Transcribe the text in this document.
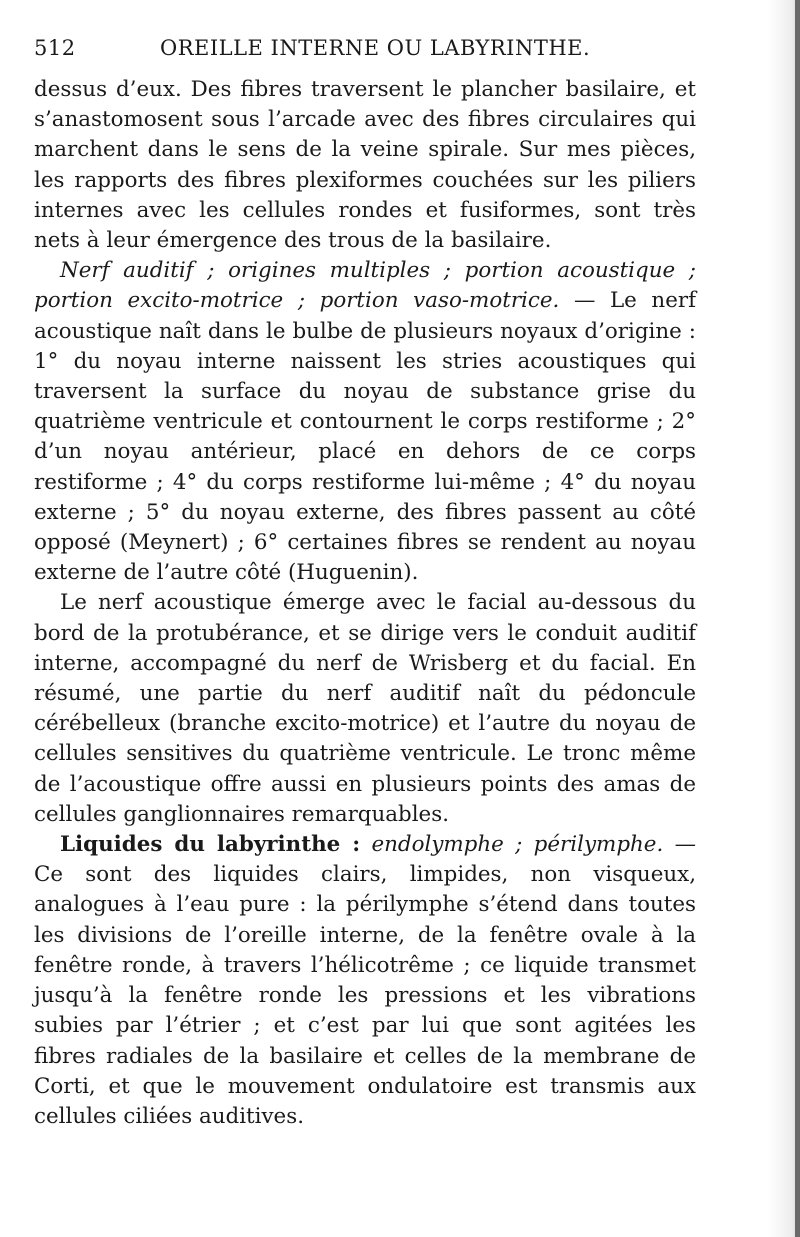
512	OREILLE INTERNE OU LABYRINTHE.

dessus d’eux. Des fibres traversent le plancher basilaire, et s’anastomosent sous l’arcade avec des fibres circulaires qui marchent dans le sens de la veine spirale. Sur mes pièces, les rapports des fibres plexiformes couchées sur les piliers internes avec les cellules rondes et fusiformes, sont très nets à leur émergence des trous de la basilaire.

Nerf auditif ; origines multiples ; portion acoustique ; portion excito-motrice ; portion vaso-motrice. — Le nerf acoustique naît dans le bulbe de plusieurs noyaux d’origine : 1° du noyau interne naissent les stries acoustiques qui traversent la surface du noyau de substance grise du quatrième ventricule et contournent le corps restiforme ; 2° d’un noyau antérieur, placé en dehors de ce corps restiforme ; 4° du corps restiforme lui-même ; 4° du noyau externe ; 5° du noyau externe, des fibres passent au côté opposé (Meynert) ; 6° certaines fibres se rendent au noyau externe de l’autre côté (Huguenin).

Le nerf acoustique émerge avec le facial au-dessous du bord de la protubérance, et se dirige vers le conduit auditif interne, accompagné du nerf de Wrisberg et du facial. En résumé, une partie du nerf auditif naît du pédoncule cérébelleux (branche excito-motrice) et l’autre du noyau de cellules sensitives du quatrième ventricule. Le tronc même de l’acoustique offre aussi en plusieurs points des amas de cellules ganglionnaires remarquables.

Liquides du labyrinthe : endolymphe ; périlymphe. — Ce sont des liquides clairs, limpides, non visqueux, analogues à l’eau pure : la périlymphe s’étend dans toutes les divisions de l’oreille interne, de la fenêtre ovale à la fenêtre ronde, à travers l’hélicotrême ; ce liquide transmet jusqu’à la fenêtre ronde les pressions et les vibrations subies par l’étrier ; et c’est par lui que sont agitées les fibres radiales de la basilaire et celles de la membrane de Corti, et que le mouvement ondulatoire est transmis aux cellules ciliées auditives.
